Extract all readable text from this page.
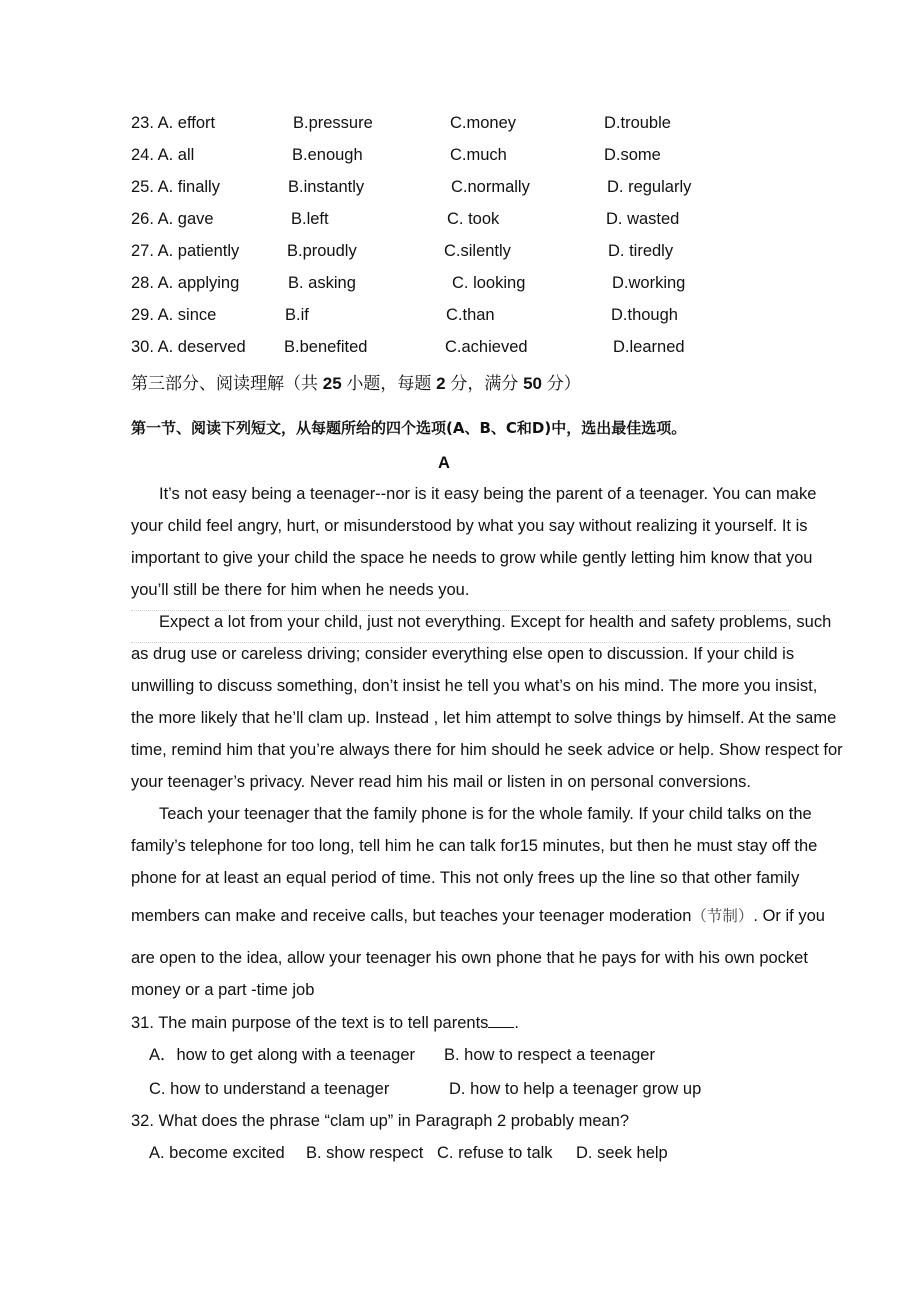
23. A. effort	B.pressure	C.money	D.trouble
24. A. all	B.enough	C.much	D.some
25. A. finally	B.instantly	C.normally	D. regularly
26. A. gave	B.left	C. took	D. wasted
27. A. patiently	B.proudly	C.silently	D. tiredly
28. A. applying	B. asking	C. looking	D.working
29. A. since	B.if	C.than	D.though
30. A. deserved B.benefited	C.achieved	D.learned
第三部分、阅读理解（共 25 小题，每题 2 分，满分 50 分）
第一节、阅读下列短文，从每题所给的四个选项(A、B、C和D)中，选出最佳选项。
A
It’s not easy being a teenager--nor is it easy being the parent of a teenager. You can make
your child feel angry, hurt, or misunderstood by what you say without realizing it yourself. It is
important to give your child the space he needs to grow while gently letting him know that you
you’ll still be there for him when he needs you.
Expect a lot from your child, just not everything. Except for health and safety problems, such
as drug use or careless driving; consider everything else open to discussion. If your child is
unwilling to discuss something, don’t insist he tell you what’s on his mind. The more you insist,
the more likely that he’ll clam up. Instead , let him attempt to solve things by himself. At the same
time, remind him that you’re always there for him should he seek advice or help. Show respect for
your teenager’s privacy. Never read him his mail or listen in on personal conversions.
Teach your teenager that the family phone is for the whole family. If your child talks on the
family’s telephone for too long, tell him he can talk for15 minutes, but then he must stay off the
phone for at least an equal period of time. This not only frees up the line so that other family
members can make and receive calls, but teaches your teenager moderation（节制）. Or if you
are open to the idea, allow your teenager his own phone that he pays for with his own pocket
money or a part -time job
31. The main purpose of the text is to tell parents .
A．how to get along with a teenager B. how to respect a teenager
C. how to understand a teenager	D. how to help a teenager grow up
32. What does the phrase “clam up” in Paragraph 2 probably mean?
A. become excited B. show respect C. refuse to talk D. seek help
